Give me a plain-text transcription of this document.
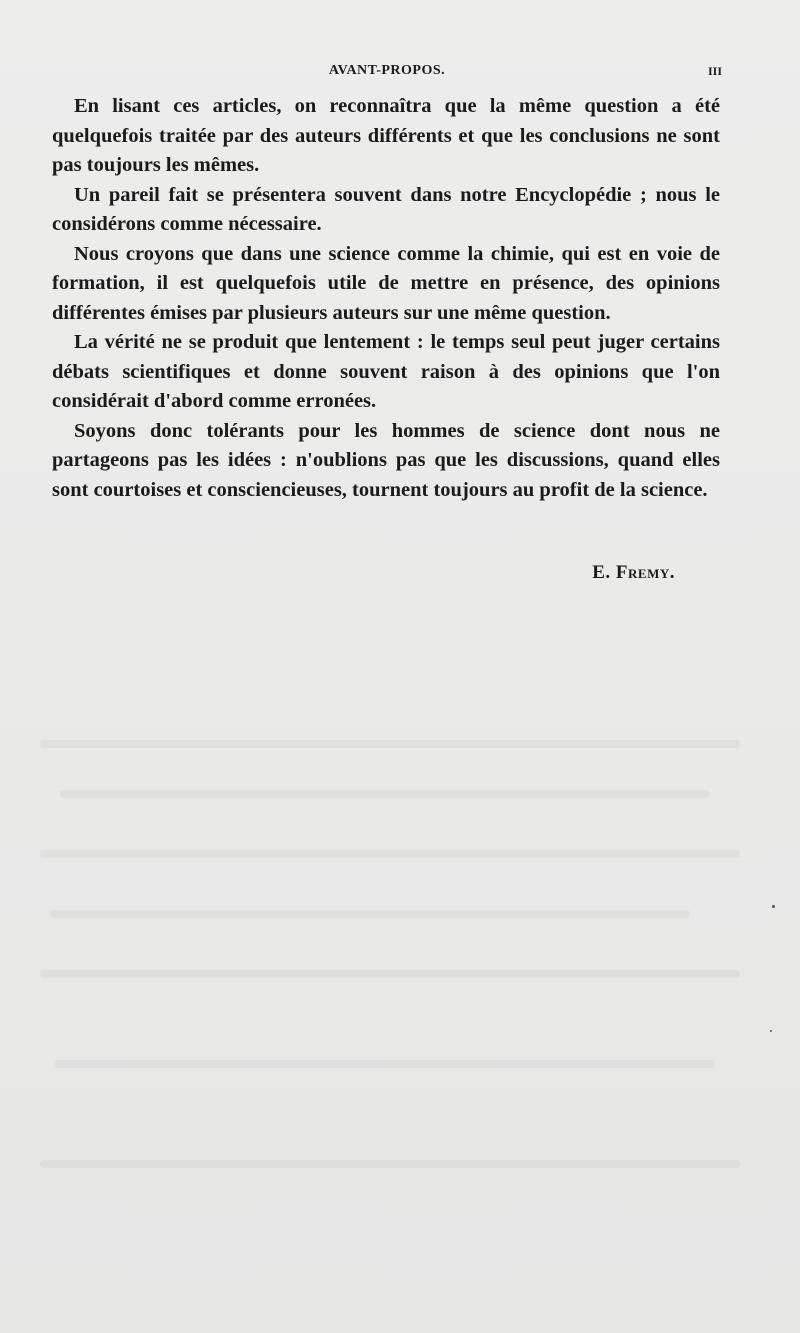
AVANT-PROPOS.	III

En lisant ces articles, on reconnaîtra que la même question a été quelquefois traitée par des auteurs différents et que les conclusions ne sont pas toujours les mêmes.

Un pareil fait se présentera souvent dans notre Encyclopédie ; nous le considérons comme nécessaire.

Nous croyons que dans une science comme la chimie, qui est en voie de formation, il est quelquefois utile de mettre en présence, des opinions différentes émises par plusieurs auteurs sur une même question.

La vérité ne se produit que lentement : le temps seul peut juger certains débats scientifiques et donne souvent raison à des opinions que l'on considérait d'abord comme erronées.

Soyons donc tolérants pour les hommes de science dont nous ne partageons pas les idées : n'oublions pas que les discussions, quand elles sont courtoises et consciencieuses, tournent toujours au profit de la science.

E. Fremy.
